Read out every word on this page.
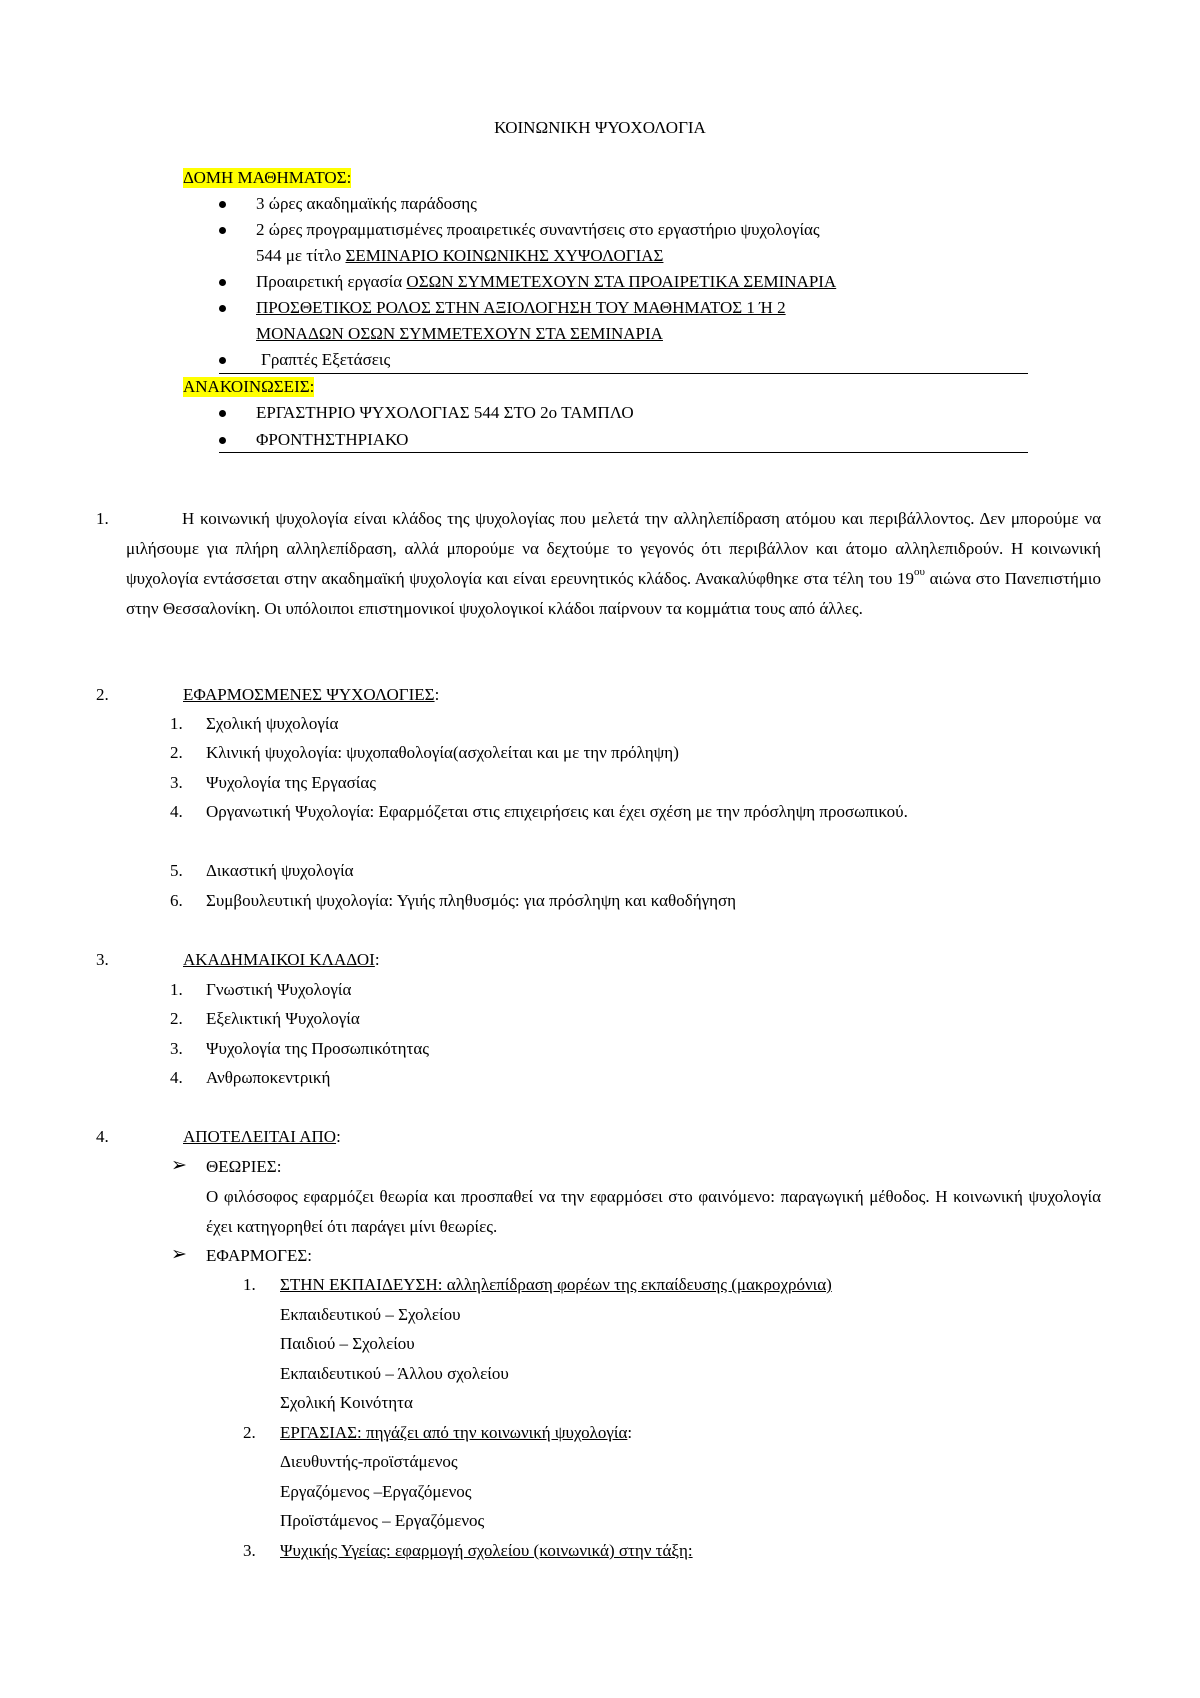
ΚΟΙΝΩΝΙΚΗ ΨΥΟΧΟΛΟΓΙΑ
ΔΟΜΗ ΜΑΘΗΜΑΤΟΣ:
3 ώρες ακαδημαϊκής παράδοσης
2 ώρες προγραμματισμένες προαιρετικές συναντήσεις στο εργαστήριο ψυχολογίας
544 με τίτλο ΣΕΜΙΝΑΡΙΟ ΚΟΙΝΩΝΙΚΗΣ ΧΥΨΟΛΟΓΙΑΣ
Προαιρετική εργασία ΟΣΩΝ ΣΥΜΜΕΤΕΧΟΥΝ ΣΤΑ ΠΡΟΑΙΡΕΤΙΚΑ ΣΕΜΙΝΑΡΙΑ
ΠΡΟΣΘΕΤΙΚΟΣ ΡΟΛΟΣ ΣΤΗΝ ΑΞΙΟΛΟΓΗΣΗ ΤΟΥ ΜΑΘΗΜΑΤΟΣ 1 Ή 2
ΜΟΝΑΔΩΝ ΟΣΩΝ ΣΥΜΜΕΤΕΧΟΥΝ ΣΤΑ ΣΕΜΙΝΑΡΙΑ
Γραπτές Εξετάσεις
ΑΝΑΚΟΙΝΩΣΕΙΣ:
ΕΡΓΑΣΤΗΡΙΟ ΨΥΧΟΛΟΓΙΑΣ 544 ΣΤΟ 2ο ΤΑΜΠΛΟ
ΦΡΟΝΤΗΣΤΗΡΙΑΚΟ
1.	Η κοινωνική ψυχολογία είναι κλάδος της ψυχολογίας που μελετά την αλληλεπίδραση ατόμου και περιβάλλοντος. Δεν μπορούμε να μιλήσουμε για πλήρη αλληλεπίδραση, αλλά μπορούμε να δεχτούμε το γεγονός ότι περιβάλλον και άτομο αλληλεπιδρούν. Η κοινωνική ψυχολογία εντάσσεται στην ακαδημαϊκή ψυχολογία και είναι ερευνητικός κλάδος. Ανακαλύφθηκε στα τέλη του $19^{o\upsilon}$ αιώνα στο Πανεπιστήμιο στην Θεσσαλονίκη. Οι υπόλοιποι επιστημονικοί ψυχολογικοί κλάδοι παίρνουν τα κομμάτια τους από άλλες.
2.	ΕΦΑΡΜΟΣΜΕΝΕΣ ΨΥΧΟΛΟΓΙΕΣ:
1. Σχολική ψυχολογία
2. Κλινική ψυχολογία: ψυχοπαθολογία(ασχολείται και με την πρόληψη)
3. Ψυχολογία της Εργασίας
4. Οργανωτική Ψυχολογία: Εφαρμόζεται στις επιχειρήσεις και έχει σχέση με την πρόσληψη προσωπικού.
5. Δικαστική ψυχολογία
6. Συμβουλευτική ψυχολογία: Υγιής πληθυσμός: για πρόσληψη και καθοδήγηση
3.	ΑΚΑΔΗΜΑΙΚΟΙ ΚΛΑΔΟΙ:
1. Γνωστική Ψυχολογία
2. Εξελικτική Ψυχολογία
3. Ψυχολογία της Προσωπικότητας
4. Ανθρωποκεντρική
4.	ΑΠΟΤΕΛΕΙΤΑΙ ΑΠΟ:
➢ ΘΕΩΡΙΕΣ:
Ο φιλόσοφος εφαρμόζει θεωρία και προσπαθεί να την εφαρμόσει στο φαινόμενο: παραγωγική μέθοδος. Η κοινωνική ψυχολογία έχει κατηγορηθεί ότι παράγει μίνι θεωρίες.
➢ ΕΦΑΡΜΟΓΕΣ:
1. ΣΤΗΝ ΕΚΠΑΙΔΕΥΣΗ: αλληλεπίδραση φορέων της εκπαίδευσης (μακροχρόνια)
Εκπαιδευτικού – Σχολείου
Παιδιού – Σχολείου
Εκπαιδευτικού – Άλλου σχολείου
Σχολική Κοινότητα
2. ΕΡΓΑΣΙΑΣ: πηγάζει από την κοινωνική ψυχολογία:
Διευθυντής-προϊστάμενος
Εργαζόμενος –Εργαζόμενος
Προϊστάμενος – Εργαζόμενος
3. Ψυχικής Υγείας: εφαρμογή σχολείου (κοινωνικά) στην τάξη:
